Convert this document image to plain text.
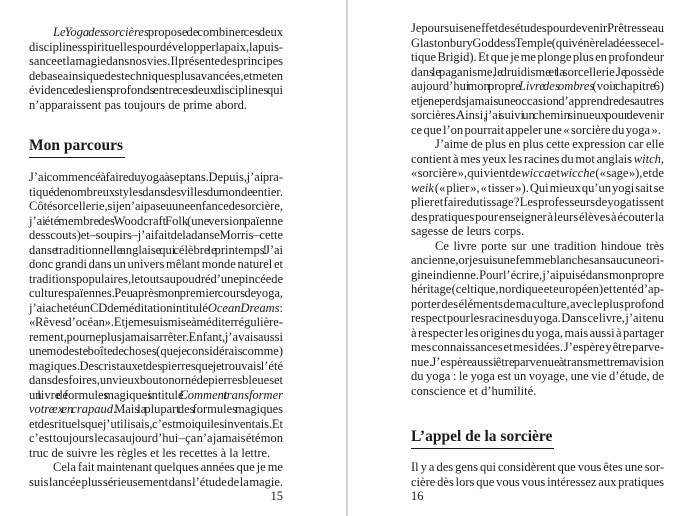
Le Yoga des sorcières propose de combiner ces deux
disciplines spirituelles pour développer la paix, la puis-
sance et la magie dans nos vies. Il présente des principes
de base ainsi que des techniques plus avancées, et met en
évidence des liens profonds entre ces deux disciplines qui
n’apparaissent pas toujours de prime abord.
Mon parcours
J’ai commencé à faire du yoga à sept ans. Depuis, j’ai pra-
tiqué de nombreux styles dans des villes du monde entier.
Côté sorcellerie, si je n’ai pas eu une enfance de sorcière,
j’ai été membre des Woodcraft Folk (une version païenne
des scouts) et – soupirs – j’ai fait de la danse Morris – cette
danse traditionnelle anglaise qui célèbre le printemps ! J’ai
donc grandi dans un univers mêlant monde naturel et
traditions populaires, le tout saupoudré d’une pincée de
cultures païennes. Peu après mon premier cours de yoga,
j’ai acheté un CD de méditation intitulé Ocean Dreams :
« Rêves d’océan ». Et je me suis mise à méditer régulière-
rement, pour ne plus jamais arrêter. Enfant, j’avais aussi
une modeste boîte de choses (que je considérais comme)
magiques. Des cristaux et des pierres que je trouvais l’été
dans des foires, un vieux bouton orné de pierres bleues et
un livre de formules magiques intitulé Comment transformer
votre ex en crapaud. Mais la plupart des formules magiques
et des rituels que j’utilisais, c’est moi qui les inventais. Et
c’est toujours le cas aujourd’hui – ça n’a jamais été mon
truc de suivre les règles et les recettes à la lettre.
Cela fait maintenant quelques années que je me
suis lancée plus sérieusement dans l’étude de la magie.
15
Je poursuis en effet des études pour devenir Prêtresse au
Glastonbury Goddess Temple (qui vénère la déesse cel-
tique Brigid). Et que je me plonge plus en profondeur
dans le paganisme, le druidisme et la sorcellerie. Je possède
aujourd’hui mon propre Livre des ombres (voir chapitre 6)
et je ne perds jamais une occasion d’apprendre des autres
sorcières. Ainsi, j’ai suivi un chemin sinueux pour devenir
ce que l’on pourrait appeler une « sorcière du yoga ».
J’aime de plus en plus cette expression car elle
contient à mes yeux les racines du mot anglais witch,
« sorcière », qui vient de wicca et wicche (« sage »), et de
weik (« plier », « tisser »). Qui mieux qu’un yogi sait se
plier et faire du tissage ? Les professeurs de yoga tissent
des pratiques pour enseigner à leurs élèves à écouter la
sagesse de leurs corps.
Ce livre porte sur une tradition hindoue très
ancienne, or je suis une femme blanche sans aucune ori-
gine indienne. Pour l’écrire, j’ai puisé dans mon propre
héritage (celtique, nordique et européen) et tenté d’ap-
porter des éléments de ma culture, avec le plus profond
respect pour les racines du yoga. Dans ce livre, j’ai tenu
à respecter les origines du yoga, mais aussi à partager
mes connaissances et mes idées. J’espère y être parve-
nue. J’espère aussi être parvenue à transmettre ma vision
du yoga : le yoga est un voyage, une vie d’étude, de
conscience et d’humilité.
L’appel de la sorcière
Il y a des gens qui considèrent que vous êtes une sor-
cière dès lors que vous vous intéressez aux pratiques
16
